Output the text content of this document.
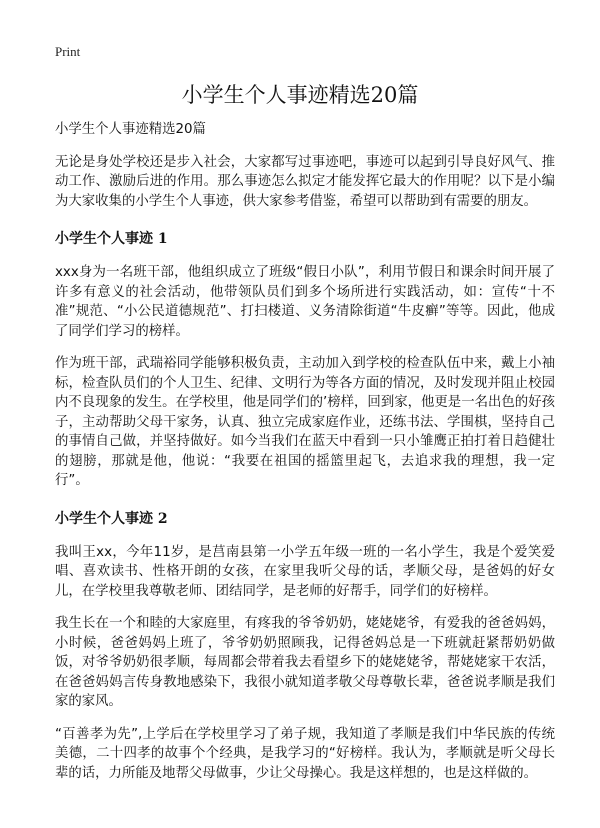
Print
小学生个人事迹精选20篇

小学生个人事迹精选20篇

无论是身处学校还是步入社会，大家都写过事迹吧，事迹可以起到引导良好风气、推动工作、激励后进的作用。那么事迹怎么拟定才能发挥它最大的作用呢？以下是小编为大家收集的小学生个人事迹，供大家参考借鉴，希望可以帮助到有需要的朋友。

小学生个人事迹 1

xxx身为一名班干部，他组织成立了班级“假日小队”，利用节假日和课余时间开展了许多有意义的社会活动，他带领队员们到多个场所进行实践活动，如：宣传“十不准”规范、“小公民道德规范”、打扫楼道、义务清除街道“牛皮癣”等等。因此，他成了同学们学习的榜样。

作为班干部，武瑞裕同学能够积极负责，主动加入到学校的检查队伍中来，戴上小袖标，检查队员们的个人卫生、纪律、文明行为等各方面的情况，及时发现并阻止校园内不良现象的发生。在学校里，他是同学们的’榜样，回到家，他更是一名出色的好孩子，主动帮助父母干家务，认真、独立完成家庭作业，还练书法、学围棋，坚持自己的事情自己做，并坚持做好。如今当我们在蓝天中看到一只小雏鹰正拍打着日趋健壮的翅膀，那就是他，他说：“我要在祖国的摇篮里起飞，去追求我的理想，我一定行”。

小学生个人事迹 2

我叫王xx，今年11岁，是莒南县第一小学五年级一班的一名小学生，我是个爱笑爱唱、喜欢读书、性格开朗的女孩，在家里我听父母的话，孝顺父母，是爸妈的好女儿，在学校里我尊敬老师、团结同学，是老师的好帮手，同学们的好榜样。

我生长在一个和睦的大家庭里，有疼我的爷爷奶奶，姥姥姥爷，有爱我的爸爸妈妈，小时候，爸爸妈妈上班了，爷爷奶奶照顾我，记得爸妈总是一下班就赶紧帮奶奶做饭，对爷爷奶奶很孝顺，每周都会带着我去看望乡下的姥姥姥爷，帮姥姥家干农活，在爸爸妈妈言传身教地感染下，我很小就知道孝敬父母尊敬长辈，爸爸说孝顺是我们家的家风。

“百善孝为先”,上学后在学校里学习了弟子规，我知道了孝顺是我们中华民族的传统美德，二十四孝的故事个个经典，是我学习的“好榜样。我认为，孝顺就是听父母长辈的话，力所能及地帮父母做事，少让父母操心。我是这样想的，也是这样做的。
